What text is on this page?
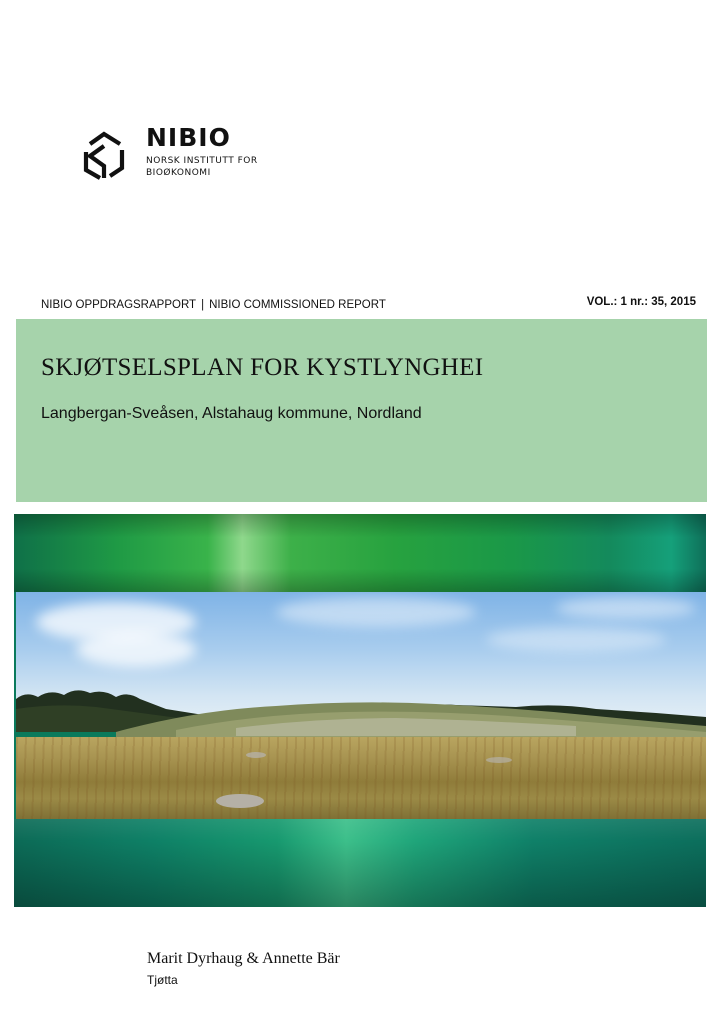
NIBIO
NORSK INSTITUTT FOR
BIOØKONOMI
NIBIO OPPDRAGSRAPPORT | NIBIO COMMISSIONED REPORT	VOL.: 1 nr.: 35, 2015
SKJØTSELSPLAN FOR KYSTLYNGHEI
Langbergan-Sveåsen, Alstahaug kommune, Nordland
Marit Dyrhaug & Annette Bär
Tjøtta
